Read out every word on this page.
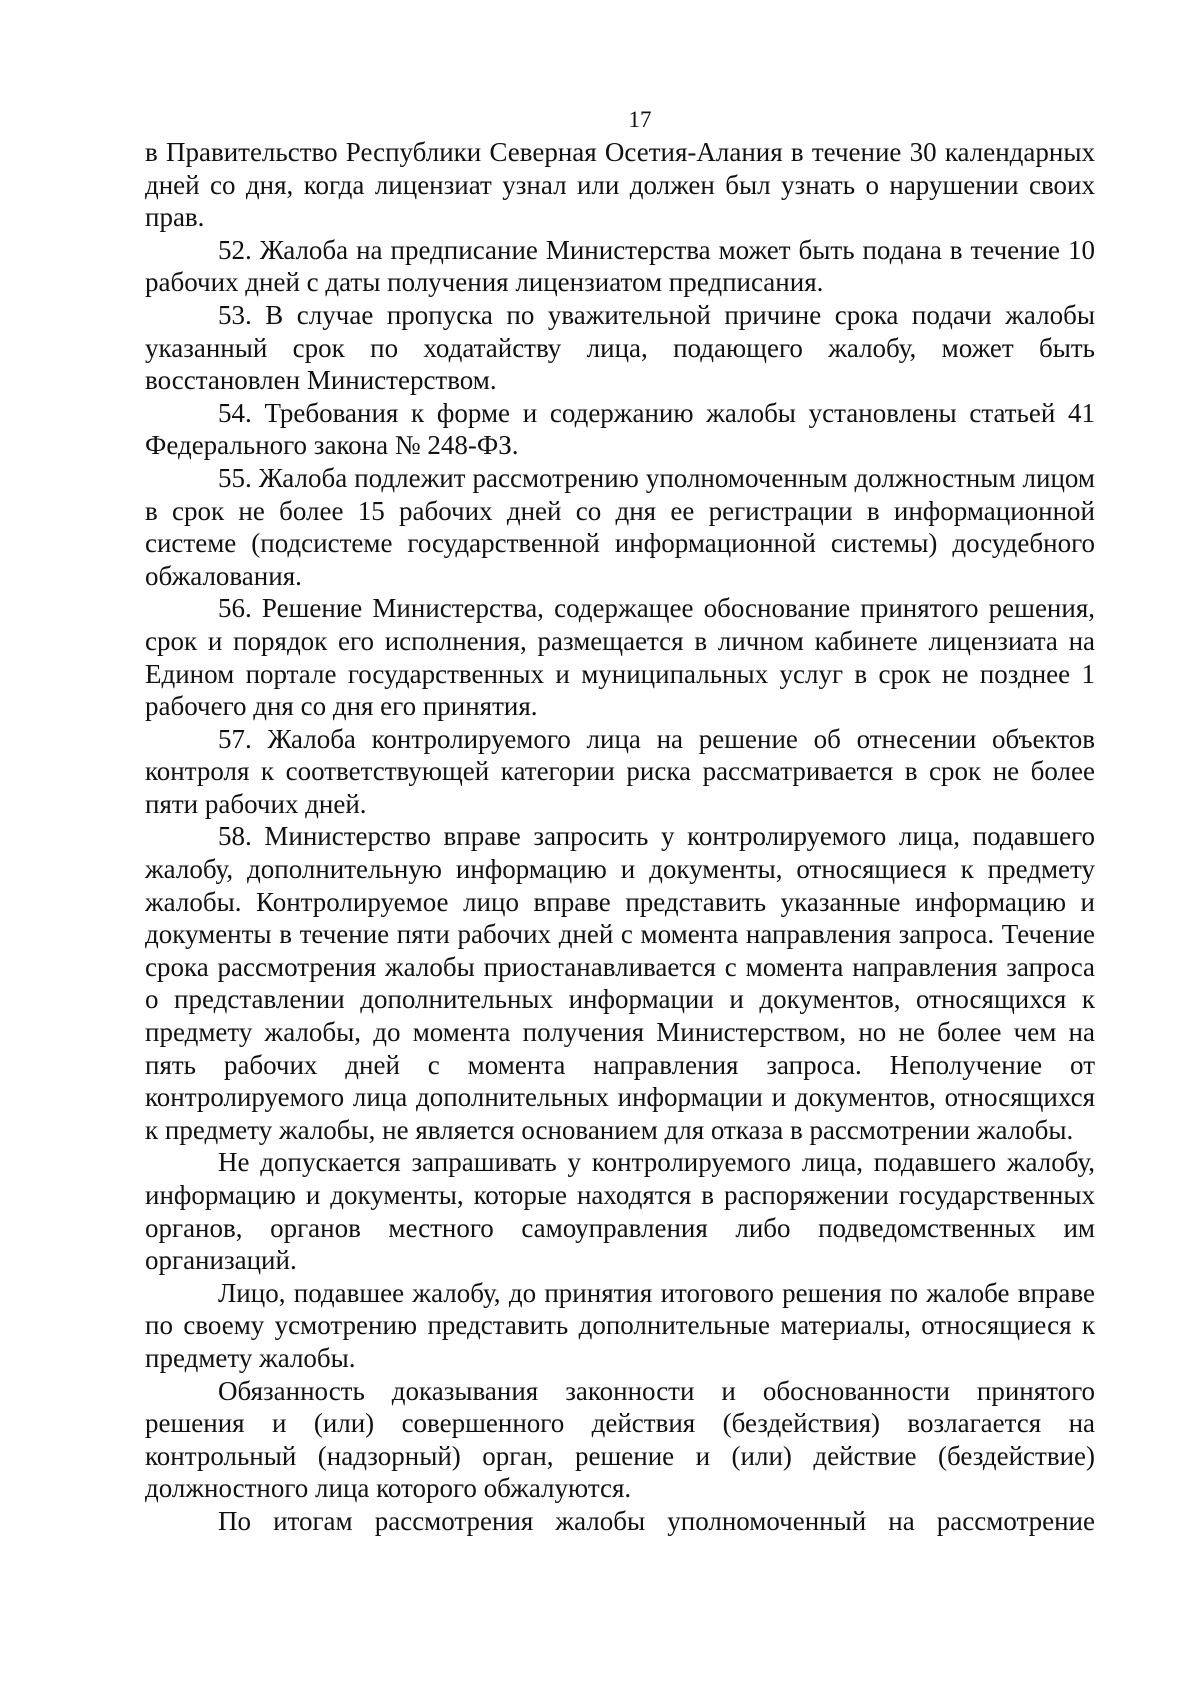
17

в Правительство Республики Северная Осетия-Алания в течение 30 календарных дней со дня, когда лицензиат узнал или должен был узнать о нарушении своих прав.

52. Жалоба на предписание Министерства может быть подана в течение 10 рабочих дней с даты получения лицензиатом предписания.

53. В случае пропуска по уважительной причине срока подачи жалобы указанный срок по ходатайству лица, подающего жалобу, может быть восстановлен Министерством.

54. Требования к форме и содержанию жалобы установлены статьей 41 Федерального закона № 248-ФЗ.

55. Жалоба подлежит рассмотрению уполномоченным должностным лицом в срок не более 15 рабочих дней со дня ее регистрации в информационной системе (подсистеме государственной информационной системы) досудебного обжалования.

56. Решение Министерства, содержащее обоснование принятого решения, срок и порядок его исполнения, размещается в личном кабинете лицензиата на Едином портале государственных и муниципальных услуг в срок не позднее 1 рабочего дня со дня его принятия.

57. Жалоба контролируемого лица на решение об отнесении объектов контроля к соответствующей категории риска рассматривается в срок не более пяти рабочих дней.

58. Министерство вправе запросить у контролируемого лица, подавшего жалобу, дополнительную информацию и документы, относящиеся к предмету жалобы. Контролируемое лицо вправе представить указанные информацию и документы в течение пяти рабочих дней с момента направления запроса. Течение срока рассмотрения жалобы приостанавливается с момента направления запроса о представлении дополнительных информации и документов, относящихся к предмету жалобы, до момента получения Министерством, но не более чем на пять рабочих дней с момента направления запроса. Неполучение от контролируемого лица дополнительных информации и документов, относящихся к предмету жалобы, не является основанием для отказа в рассмотрении жалобы.

Не допускается запрашивать у контролируемого лица, подавшего жалобу, информацию и документы, которые находятся в распоряжении государственных органов, органов местного самоуправления либо подведомственных им организаций.

Лицо, подавшее жалобу, до принятия итогового решения по жалобе вправе по своему усмотрению представить дополнительные материалы, относящиеся к предмету жалобы.

Обязанность доказывания законности и обоснованности принятого решения и (или) совершенного действия (бездействия) возлагается на контрольный (надзорный) орган, решение и (или) действие (бездействие) должностного лица которого обжалуются.

По итогам рассмотрения жалобы уполномоченный на рассмотрение
